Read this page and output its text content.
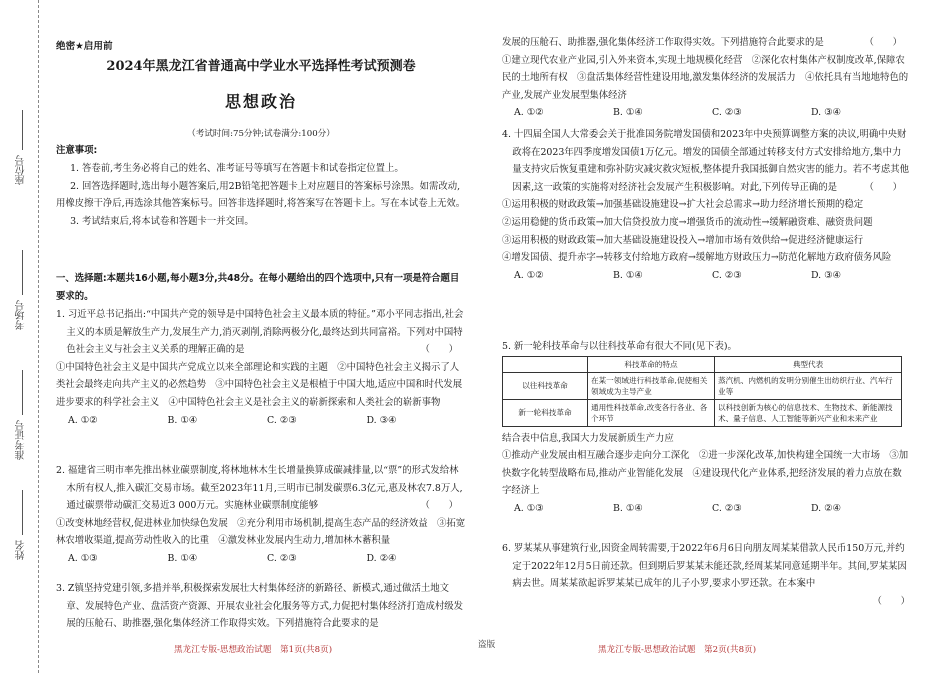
座位号
考场号
准考证号
姓名
绝密★启用前
2024年黑龙江省普通高中学业水平选择性考试预测卷
思想政治
（考试时间:75分钟;试卷满分:100分）
注意事项:

1. 答卷前,考生务必将自己的姓名、准考证号等填写在答题卡和试卷指定位置上。

2. 回答选择题时,选出每小题答案后,用2B铅笔把答题卡上对应题目的答案标号涂黑。如需改动,用橡皮擦干净后,再选涂其他答案标号。回答非选择题时,将答案写在答题卡上。写在本试卷上无效。

3. 考试结束后,将本试卷和答题卡一并交回。

一、选择题:本题共16小题,每小题3分,共48分。在每小题给出的四个选项中,只有一项是符合题目要求的。

1. 习近平总书记指出:“中国共产党的领导是中国特色社会主义最本质的特征。”邓小平同志指出,社会主义的本质是解放生产力,发展生产力,消灭剥削,消除两极分化,最终达到共同富裕。下列对中国特色社会主义与社会主义关系的理解正确的是	（　　）

①中国特色社会主义是中国共产党成立以来全部理论和实践的主题　②中国特色社会主义揭示了人类社会最终走向共产主义的必然趋势　③中国特色社会主义是根植于中国大地,适应中国和时代发展进步要求的科学社会主义　④中国特色社会主义是社会主义的崭新探索和人类社会的崭新事物

A. ①②	B. ①④	C. ②③	D. ③④

2. 福建省三明市率先推出林业碳票制度,将林地林木生长增量换算成碳减排量,以“票”的形式发给林木所有权人,推入碳汇交易市场。截至2023年11月,三明市已制发碳票6.3亿元,惠及林农7.8万人,通过碳票带动碳汇交易近3 000万元。实施林业碳票制度能够	（　　）

①改变林地经营权,促进林业加快绿色发展　②充分利用市场机制,提高生态产品的经济效益　③拓宽林农增收渠道,提高劳动性收入的比重　④激发林业发展内生动力,增加林木蓄积量

A. ①③	B. ①④	C. ②③	D. ②④

3. Z镇坚持党建引领,多措并举,积极探索发展壮大村集体经济的新路径、新模式,通过做活土地文章、发展特色产业、盘活资产资源、开展农业社会化服务等方式,力促把村集体经济打造成村级发展的压舱石、助推器,强化集体经济工作取得实效。下列措施符合此要求的是

黑龙江专版-思想政治试题　第1页(共8页)	盗版

发展的压舱石、助推器,强化集体经济工作取得实效。下列措施符合此要求的是	（　　）

①建立现代农业产业园,引入外来资本,实现土地规模化经营　②深化农村集体产权制度改革,保障农民的土地所有权　③盘活集体经营性建设用地,激发集体经济的发展活力　④依托具有当地地特色的产业,发展产业发展型集体经济

A. ①②	B. ①④	C. ②③	D. ③④

4. 十四届全国人大常委会关于批准国务院增发国债和2023年中央预算调整方案的决议,明确中央财政将在2023年四季度增发国债1万亿元。增发的国债全部通过转移支付方式安排给地方,集中力量支持灾后恢复重建和弥补防灾减灾救灾短板,整体提升我国抵御自然灾害的能力。若不考虑其他因素,这一政策的实施将对经济社会发展产生积极影响。对此,下列传导正确的是	（　　）

①运用积极的财政政策→加强基础设施建设→扩大社会总需求→助力经济增长预期的稳定

②运用稳健的货币政策→加大信贷投放力度→增强货币的流动性→缓解融资难、融资贵问题

③运用积极的财政政策→加大基础设施建设投入→增加市场有效供给→促进经济健康运行

④增发国债、提升赤字→转移支付给地方政府→缓解地方财政压力→防范化解地方政府债务风险

A. ①②	B. ①④	C. ②③	D. ③④

5. 新一轮科技革命与以往科技革命有很大不同(见下表)。

	科技革命的特点	典型代表
以往科技革命	在某一领域进行科技革命,促使相关领域成为主导产业	蒸汽机、内燃机的发明分别催生出纺织行业、汽车行业等
新一轮科技革命	通用性科技革命,改变各行各业、各个环节	以科技创新为核心的信息技术、生物技术、新能源技术、量子信息、人工智能等新兴产业和未来产业

结合表中信息,我国大力发展新质生产力应

①推动产业发展由相互融合逐步走向分工深化　②进一步深化改革,加快构建全国统一大市场　③加快数字化转型战略布局,推动产业智能化发展　④建设现代化产业体系,把经济发展的着力点放在数字经济上

A. ①③	B. ①④	C. ②③	D. ②④

6. 罗某某从事建筑行业,因资金周转需要,于2022年6月6日向朋友周某某借款人民币150万元,并约定于2022年12月5日前还款。但到期后罗某某未能还款,经周某某同意延期半年。其间,罗某某因病去世。周某某欲起诉罗某某已成年的儿子小罗,要求小罗还款。在本案中

（　　）

黑龙江专版-思想政治试题　第2页(共8页)
